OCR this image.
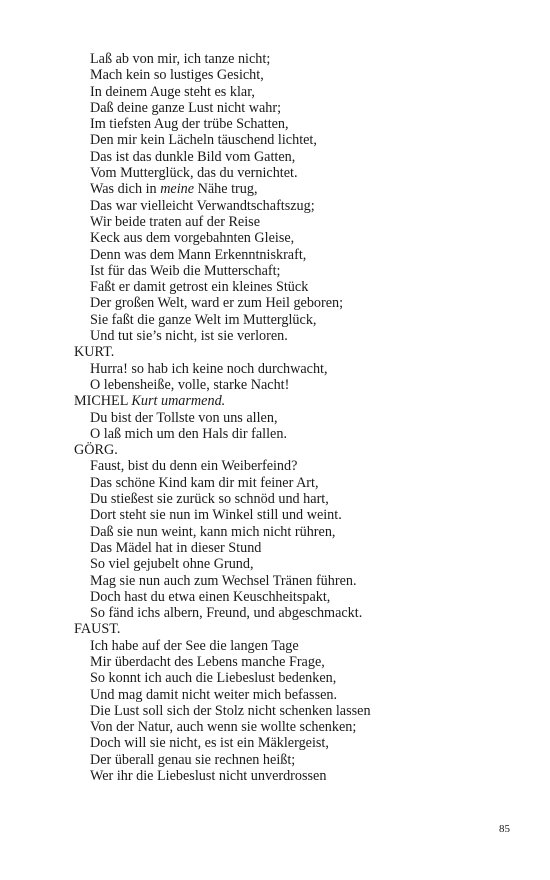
Laß ab von mir, ich tanze nicht;
Mach kein so lustiges Gesicht,
In deinem Auge steht es klar,
Daß deine ganze Lust nicht wahr;
Im tiefsten Aug der trübe Schatten,
Den mir kein Lächeln täuschend lichtet,
Das ist das dunkle Bild vom Gatten,
Vom Mutterglück, das du vernichtet.
Was dich in meine Nähe trug,
Das war vielleicht Verwandtschaftszug;
Wir beide traten auf der Reise
Keck aus dem vorgebahnten Gleise,
Denn was dem Mann Erkenntniskraft,
Ist für das Weib die Mutterschaft;
Faßt er damit getrost ein kleines Stück
Der großen Welt, ward er zum Heil geboren;
Sie faßt die ganze Welt im Mutterglück,
Und tut sie’s nicht, ist sie verloren.
KURT.
Hurra! so hab ich keine noch durchwacht,
O lebensheiße, volle, starke Nacht!
MICHEL Kurt umarmend.
Du bist der Tollste von uns allen,
O laß mich um den Hals dir fallen.
GÖRG.
Faust, bist du denn ein Weiberfeind?
Das schöne Kind kam dir mit feiner Art,
Du stießest sie zurück so schnöd und hart,
Dort steht sie nun im Winkel still und weint.
Daß sie nun weint, kann mich nicht rühren,
Das Mädel hat in dieser Stund
So viel gejubelt ohne Grund,
Mag sie nun auch zum Wechsel Tränen führen.
Doch hast du etwa einen Keuschheitspakt,
So fänd ichs albern, Freund, und abgeschmackt.
FAUST.
Ich habe auf der See die langen Tage
Mir überdacht des Lebens manche Frage,
So konnt ich auch die Liebeslust bedenken,
Und mag damit nicht weiter mich befassen.
Die Lust soll sich der Stolz nicht schenken lassen
Von der Natur, auch wenn sie wollte schenken;
Doch will sie nicht, es ist ein Mäklergeist,
Der überall genau sie rechnen heißt;
Wer ihr die Liebeslust nicht unverdrossen
85
